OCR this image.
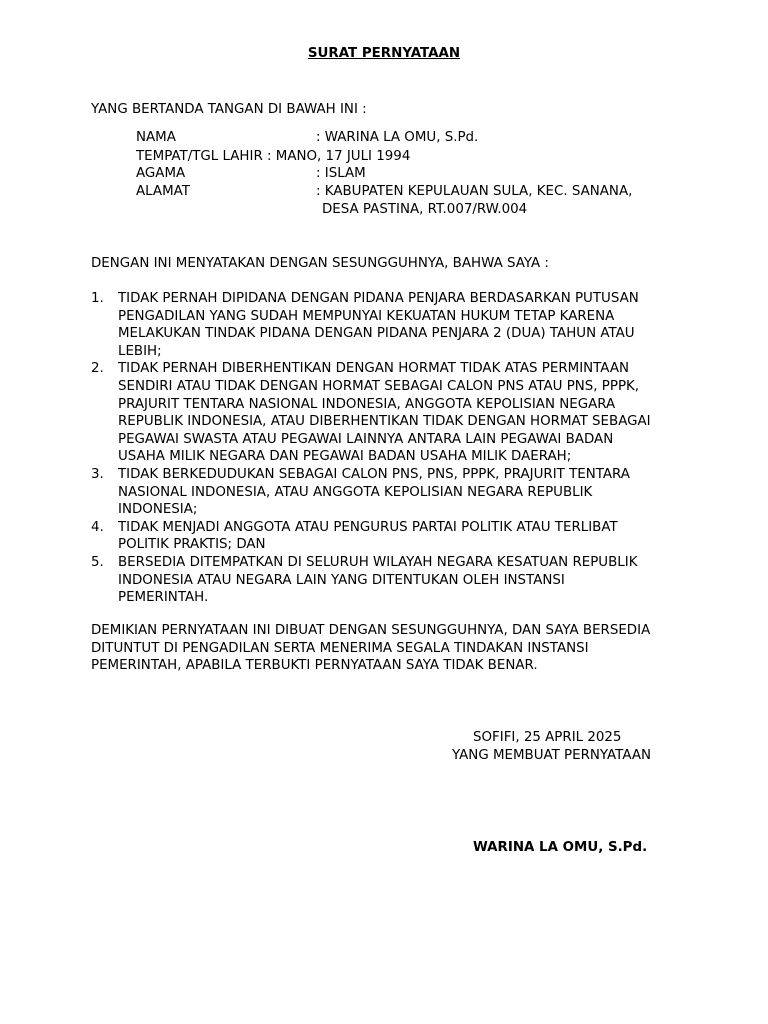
SURAT PERNYATAAN
YANG BERTANDA TANGAN DI BAWAH INI :
NAMA	: WARINA LA OMU, S.Pd.
TEMPAT/TGL LAHIR : MANO, 17 JULI 1994
AGAMA	: ISLAM
ALAMAT	: KABUPATEN KEPULAUAN SULA, KEC. SANANA,
DESA PASTINA, RT.007/RW.004
DENGAN INI MENYATAKAN DENGAN SESUNGGUHNYA, BAHWA SAYA :
1. TIDAK PERNAH DIPIDANA DENGAN PIDANA PENJARA BERDASARKAN PUTUSAN
PENGADILAN YANG SUDAH MEMPUNYAI KEKUATAN HUKUM TETAP KARENA
MELAKUKAN TINDAK PIDANA DENGAN PIDANA PENJARA 2 (DUA) TAHUN ATAU
LEBIH;
2. TIDAK PERNAH DIBERHENTIKAN DENGAN HORMAT TIDAK ATAS PERMINTAAN
SENDIRI ATAU TIDAK DENGAN HORMAT SEBAGAI CALON PNS ATAU PNS, PPPK,
PRAJURIT TENTARA NASIONAL INDONESIA, ANGGOTA KEPOLISIAN NEGARA
REPUBLIK INDONESIA, ATAU DIBERHENTIKAN TIDAK DENGAN HORMAT SEBAGAI
PEGAWAI SWASTA ATAU PEGAWAI LAINNYA ANTARA LAIN PEGAWAI BADAN
USAHA MILIK NEGARA DAN PEGAWAI BADAN USAHA MILIK DAERAH;
3. TIDAK BERKEDUDUKAN SEBAGAI CALON PNS, PNS, PPPK, PRAJURIT TENTARA
NASIONAL INDONESIA, ATAU ANGGOTA KEPOLISIAN NEGARA REPUBLIK
INDONESIA;
4. TIDAK MENJADI ANGGOTA ATAU PENGURUS PARTAI POLITIK ATAU TERLIBAT
POLITIK PRAKTIS; DAN
5. BERSEDIA DITEMPATKAN DI SELURUH WILAYAH NEGARA KESATUAN REPUBLIK
INDONESIA ATAU NEGARA LAIN YANG DITENTUKAN OLEH INSTANSI
PEMERINTAH.
DEMIKIAN PERNYATAAN INI DIBUAT DENGAN SESUNGGUHNYA, DAN SAYA BERSEDIA
DITUNTUT DI PENGADILAN SERTA MENERIMA SEGALA TINDAKAN INSTANSI
PEMERINTAH, APABILA TERBUKTI PERNYATAAN SAYA TIDAK BENAR.
SOFIFI, 25 APRIL 2025
YANG MEMBUAT PERNYATAAN
WARINA LA OMU, S.Pd.
